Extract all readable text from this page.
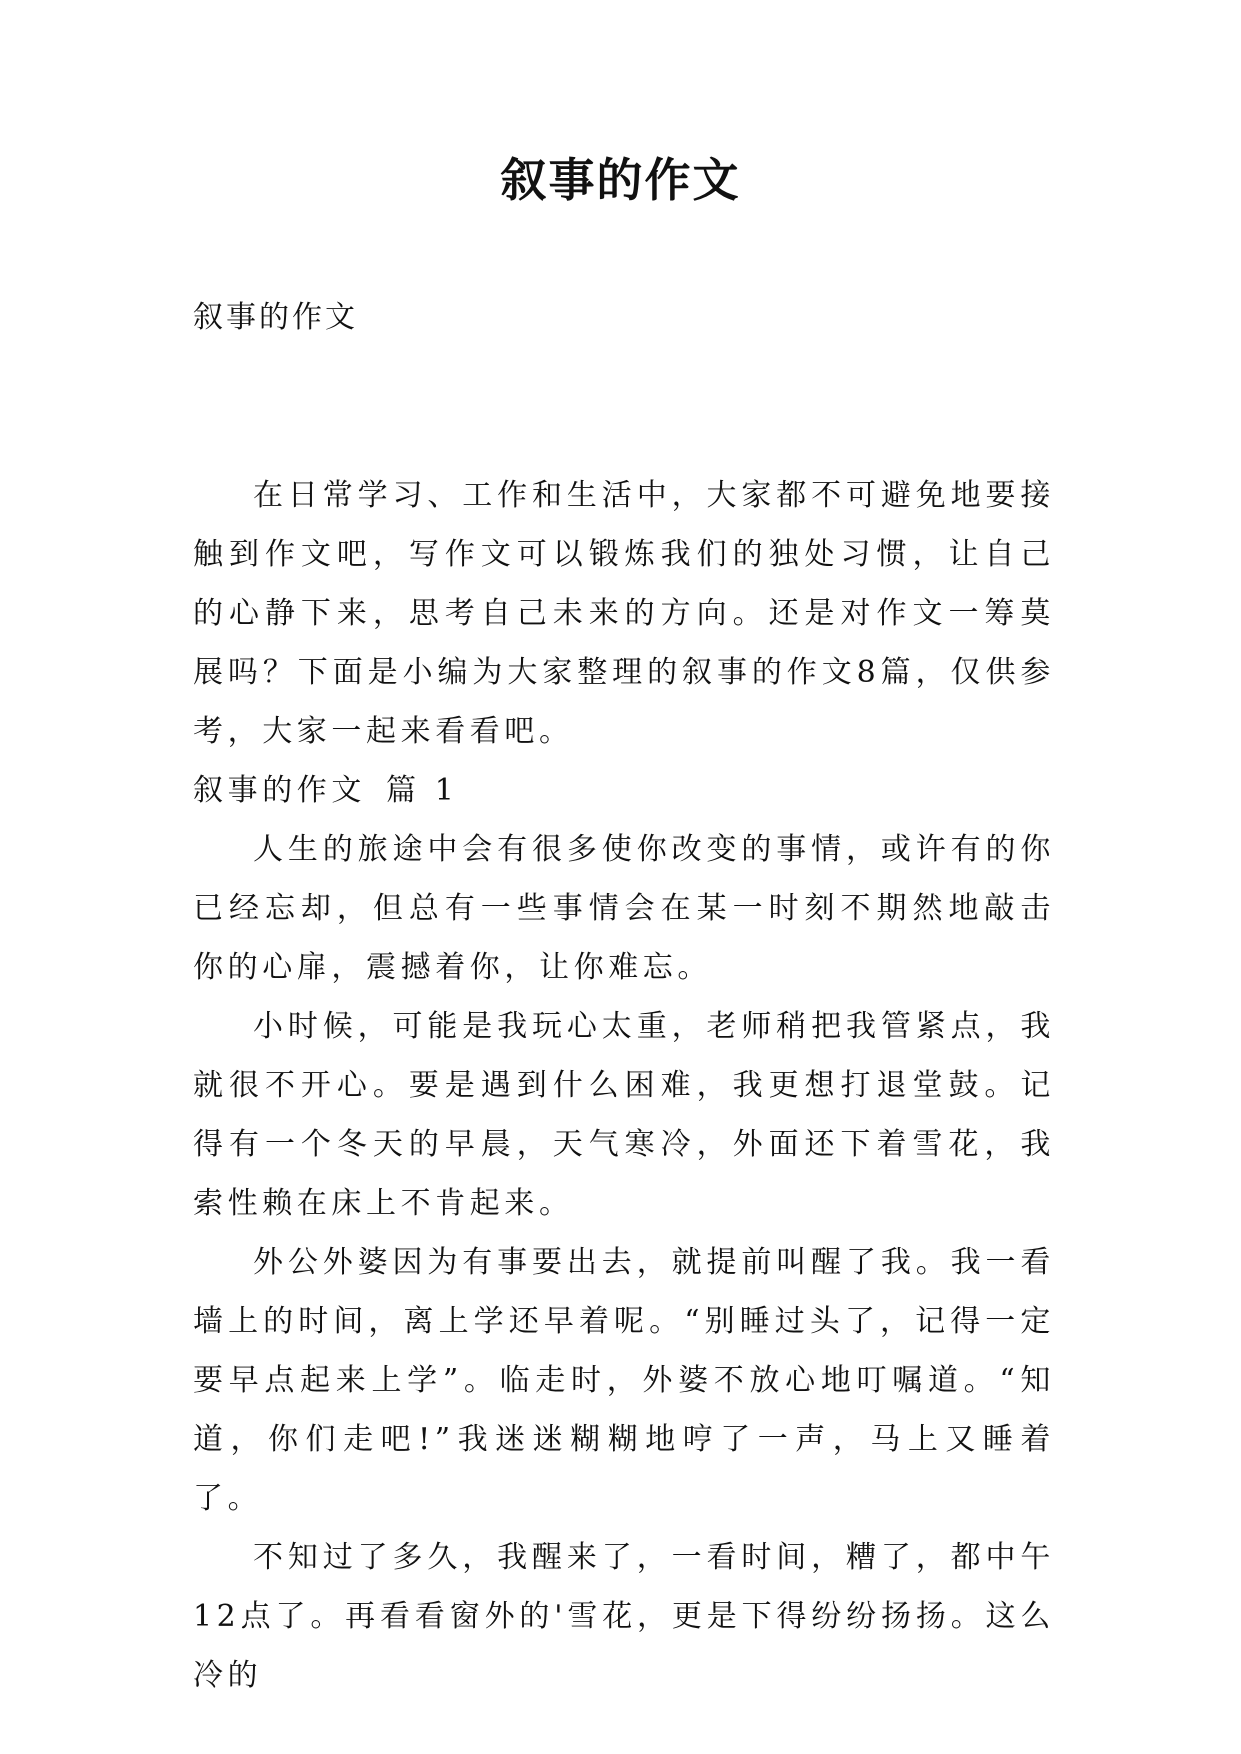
叙事的作文
叙事的作文

在日常学习、工作和生活中，大家都不可避免地要接触到作文吧，写作文可以锻炼我们的独处习惯，让自己的心静下来，思考自己未来的方向。还是对作文一筹莫展吗？下面是小编为大家整理的叙事的作文8篇，仅供参考，大家一起来看看吧。

叙事的作文 篇 1

人生的旅途中会有很多使你改变的事情，或许有的你已经忘却，但总有一些事情会在某一时刻不期然地敲击你的心扉，震撼着你，让你难忘。

小时候，可能是我玩心太重，老师稍把我管紧点，我就很不开心。要是遇到什么困难，我更想打退堂鼓。记得有一个冬天的早晨，天气寒冷，外面还下着雪花，我索性赖在床上不肯起来。

外公外婆因为有事要出去，就提前叫醒了我。我一看墙上的时间，离上学还早着呢。“别睡过头了，记得一定要早点起来上学”。临走时，外婆不放心地叮嘱道。“知道，你们走吧!”我迷迷糊糊地哼了一声，马上又睡着了。

不知过了多久，我醒来了，一看时间，糟了，都中午12点了。再看看窗外的'雪花，更是下得纷纷扬扬。这么冷的
